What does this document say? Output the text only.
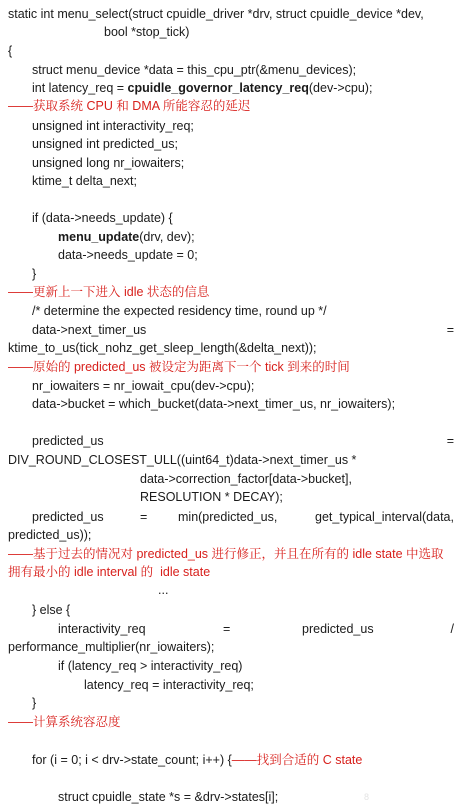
static int menu_select(struct cpuidle_driver *drv, struct cpuidle_device *dev,
bool *stop_tick)
{
struct menu_device *data = this_cpu_ptr(&menu_devices);
int latency_req = cpuidle_governor_latency_req(dev->cpu);
——获取系统 CPU 和 DMA 所能容忍的延迟
unsigned int interactivity_req;
unsigned int predicted_us;
unsigned long nr_iowaiters;
ktime_t delta_next;
if (data->needs_update) {
menu_update(drv, dev);
data->needs_update = 0;
}
——更新上一下进入 idle 状态的信息
/* determine the expected residency time, round up */
data->next_timer_us	=
ktime_to_us(tick_nohz_get_sleep_length(&delta_next));
——原始的 predicted_us 被设定为距离下一个 tick 到来的时间
nr_iowaiters = nr_iowait_cpu(dev->cpu);
data->bucket = which_bucket(data->next_timer_us, nr_iowaiters);
predicted_us	=
DIV_ROUND_CLOSEST_ULL((uint64_t)data->next_timer_us *
data->correction_factor[data->bucket],
RESOLUTION * DECAY);
predicted_us	= min(predicted_us,	get_typical_interval(data,
predicted_us));
——基于过去的情况对 predicted_us 进行修正，并且在所有的 idle state 中选取
拥有最小的 idle interval 的  idle state
...
} else {
interactivity_req	=	predicted_us	/
performance_multiplier(nr_iowaiters);
if (latency_req > interactivity_req)
latency_req = interactivity_req;
}
——计算系统容忍度
for (i = 0; i < drv->state_count; i++) {——找到合适的 C state
struct cpuidle_state *s = &drv->states[i];	8
